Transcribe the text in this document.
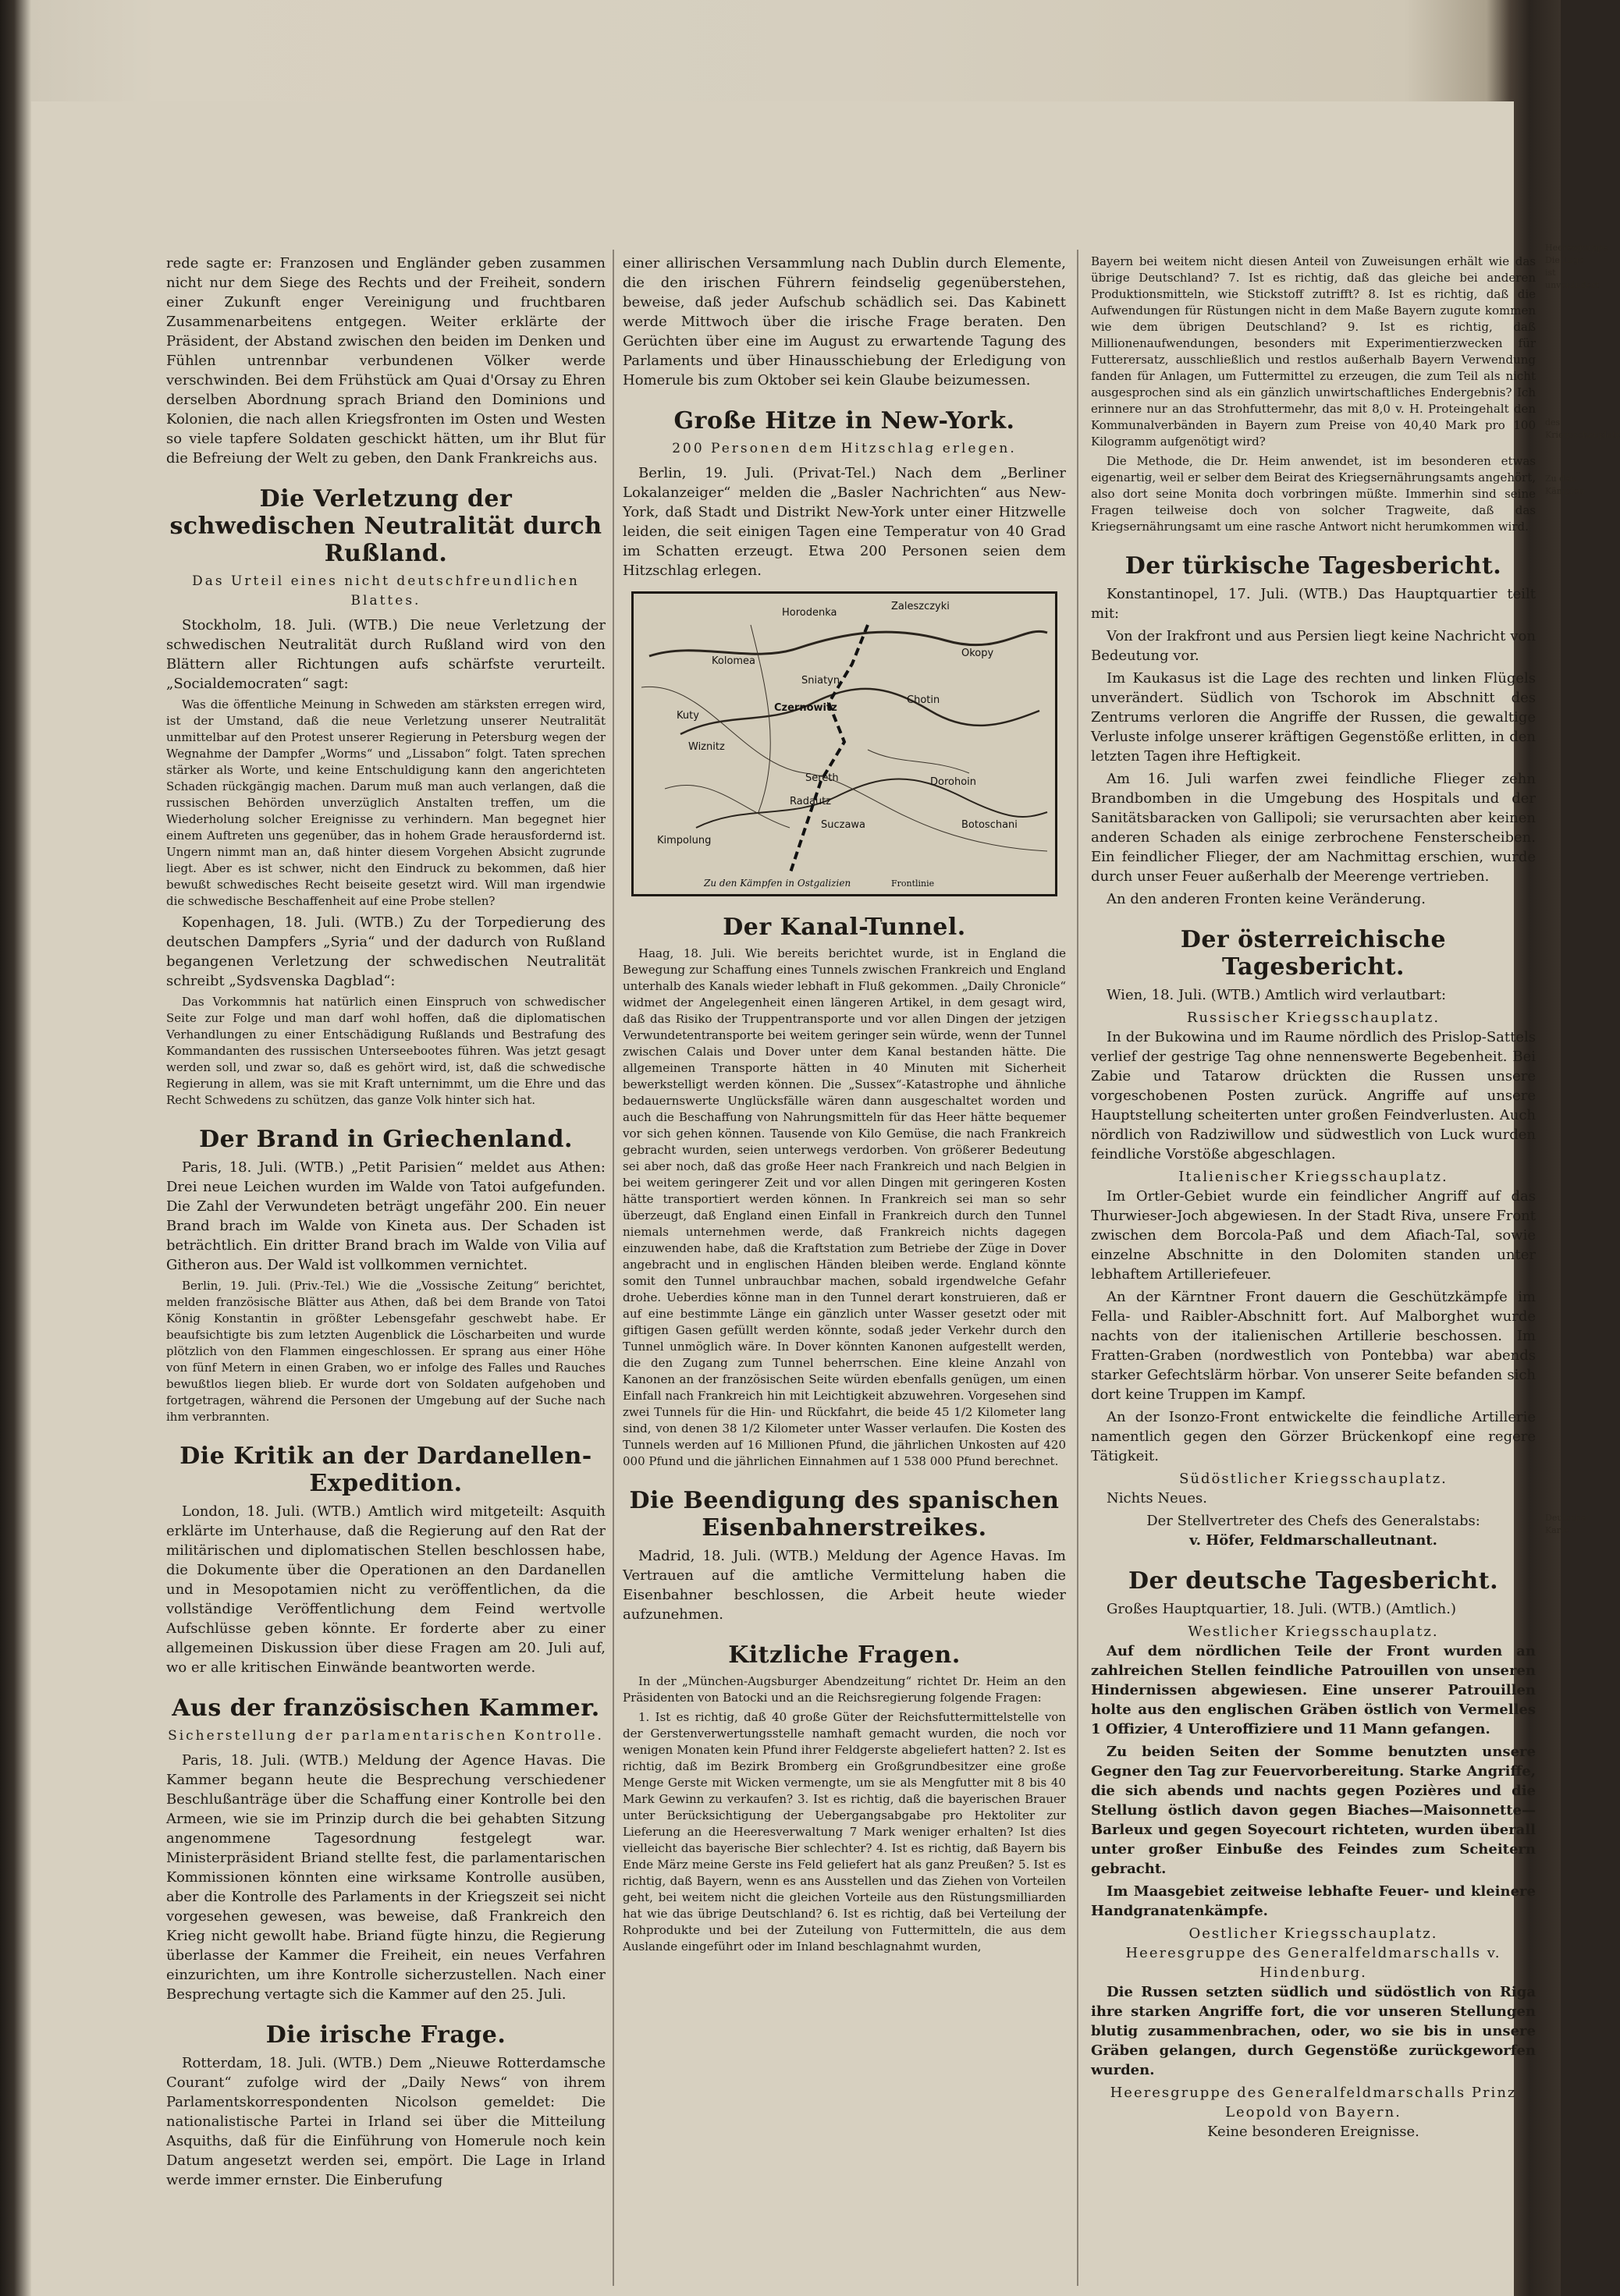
rede sagte er: Franzosen und Engländer geben zusammen nicht nur dem Siege des Rechts und der Freiheit, sondern einer Zukunft enger Vereinigung und fruchtbaren Zusammenarbeitens entgegen. Weiter erklärte der Präsident, der Abstand zwischen den beiden im Denken und Fühlen untrennbar verbundenen Völker werde verschwinden. Bei dem Frühstück am Quai d'Orsay zu Ehren derselben Abordnung sprach Briand den Dominions und Kolonien, die nach allen Kriegsfronten im Osten und Westen so viele tapfere Soldaten geschickt hätten, um ihr Blut für die Befreiung der Welt zu geben, den Dank Frankreichs aus.

Die Verletzung der schwedischen Neutralität durch Rußland.
Das Urteil eines nicht deutschfreundlichen Blattes.

Stockholm, 18. Juli. (WTB.) Die neue Verletzung der schwedischen Neutralität durch Rußland wird von den Blättern aller Richtungen aufs schärfste verurteilt. „Socialdemocraten“ sagt:

Was die öffentliche Meinung in Schweden am stärksten erregen wird, ist der Umstand, daß die neue Verletzung unserer Neutralität unmittelbar auf den Protest unserer Regierung in Petersburg wegen der Wegnahme der Dampfer „Worms“ und „Lissabon“ folgt. Taten sprechen stärker als Worte, und keine Entschuldigung kann den angerichteten Schaden rückgängig machen. Darum muß man auch verlangen, daß die russischen Behörden unverzüglich Anstalten treffen, um die Wiederholung solcher Ereignisse zu verhindern. Man begegnet hier einem Auftreten uns gegenüber, das in hohem Grade herausfordernd ist. Ungern nimmt man an, daß hinter diesem Vorgehen Absicht zugrunde liegt. Aber es ist schwer, nicht den Eindruck zu bekommen, daß hier bewußt schwedisches Recht beiseite gesetzt wird. Will man irgendwie die schwedische Beschaffenheit auf eine Probe stellen?

Kopenhagen, 18. Juli. (WTB.) Zu der Torpedierung des deutschen Dampfers „Syria“ und der dadurch von Rußland begangenen Verletzung der schwedischen Neutralität schreibt „Sydsvenska Dagblad“:

Das Vorkommnis hat natürlich einen Einspruch von schwedischer Seite zur Folge und man darf wohl hoffen, daß die diplomatischen Verhandlungen zu einer Entschädigung Rußlands und Bestrafung des Kommandanten des russischen Unterseebootes führen. Was jetzt gesagt werden soll, und zwar so, daß es gehört wird, ist, daß die schwedische Regierung in allem, was sie mit Kraft unternimmt, um die Ehre und das Recht Schwedens zu schützen, das ganze Volk hinter sich hat.

Der Brand in Griechenland.

Paris, 18. Juli. (WTB.) „Petit Parisien“ meldet aus Athen: Drei neue Leichen wurden im Walde von Tatoi aufgefunden. Die Zahl der Verwundeten beträgt ungefähr 200. Ein neuer Brand brach im Walde von Kineta aus. Der Schaden ist beträchtlich. Ein dritter Brand brach im Walde von Vilia auf Githeron aus. Der Wald ist vollkommen vernichtet.

Berlin, 19. Juli. (Priv.-Tel.) Wie die „Vossische Zeitung“ berichtet, melden französische Blätter aus Athen, daß bei dem Brande von Tatoi König Konstantin in größter Lebensgefahr geschwebt habe. Er beaufsichtigte bis zum letzten Augenblick die Löscharbeiten und wurde plötzlich von den Flammen eingeschlossen. Er sprang aus einer Höhe von fünf Metern in einen Graben, wo er infolge des Falles und Rauches bewußtlos liegen blieb. Er wurde dort von Soldaten aufgehoben und fortgetragen, während die Personen der Umgebung auf der Suche nach ihm verbrannten.

Die Kritik an der Dardanellen-Expedition.

London, 18. Juli. (WTB.) Amtlich wird mitgeteilt: Asquith erklärte im Unterhause, daß die Regierung auf den Rat der militärischen und diplomatischen Stellen beschlossen habe, die Dokumente über die Operationen an den Dardanellen und in Mesopotamien nicht zu veröffentlichen, da die vollständige Veröffentlichung dem Feind wertvolle Aufschlüsse geben könnte. Er forderte aber zu einer allgemeinen Diskussion über diese Fragen am 20. Juli auf, wo er alle kritischen Einwände beantworten werde.

Aus der französischen Kammer.
Sicherstellung der parlamentarischen Kontrolle.

Paris, 18. Juli. (WTB.) Meldung der Agence Havas. Die Kammer begann heute die Besprechung verschiedener Beschlußanträge über die Schaffung einer Kontrolle bei den Armeen, wie sie im Prinzip durch die bei gehabten Sitzung angenommene Tagesordnung festgelegt war. Ministerpräsident Briand stellte fest, die parlamentarischen Kommissionen könnten eine wirksame Kontrolle ausüben, aber die Kontrolle des Parlaments in der Kriegszeit sei nicht vorgesehen gewesen, was beweise, daß Frankreich den Krieg nicht gewollt habe. Briand fügte hinzu, die Regierung überlasse der Kammer die Freiheit, ein neues Verfahren einzurichten, um ihre Kontrolle sicherzustellen. Nach einer Besprechung vertagte sich die Kammer auf den 25. Juli.

Die irische Frage.

Rotterdam, 18. Juli. (WTB.) Dem „Nieuwe Rotterdamsche Courant“ zufolge wird der „Daily News“ von ihrem Parlamentskorrespondenten Nicolson gemeldet: Die nationalistische Partei in Irland sei über die Mitteilung Asquiths, daß für die Einführung von Homerule noch kein Datum angesetzt werden sei, empört. Die Lage in Irland werde immer ernster. Die Einberufung

einer allirischen Versammlung nach Dublin durch Elemente, die den irischen Führern feindselig gegenüberstehen, beweise, daß jeder Aufschub schädlich sei. Das Kabinett werde Mittwoch über die irische Frage beraten. Den Gerüchten über eine im August zu erwartende Tagung des Parlaments und über Hinausschiebung der Erledigung von Homerule bis zum Oktober sei kein Glaube beizumessen.

Große Hitze in New-York.
200 Personen dem Hitzschlag erlegen.

Berlin, 19. Juli. (Privat-Tel.) Nach dem „Berliner Lokalanzeiger“ melden die „Basler Nachrichten“ aus New-York, daß Stadt und Distrikt New-York unter einer Hitzwelle leiden, die seit einigen Tagen eine Temperatur von 40 Grad im Schatten erzeugt. Etwa 200 Personen seien dem Hitzschlag erlegen.

Horodenka
Kolomea
Sniatyn
Czernowitz
Kuty
Chotin
Sereth
Suczawa
Radautz
Dorohoin
Kimpolung
Wiznitz
Zaleszczyki
Okopy
Botoschani
Zu den Kämpfen in Ostgalizien	Frontlinie
Der Kanal-Tunnel.

Haag, 18. Juli. Wie bereits berichtet wurde, ist in England die Bewegung zur Schaffung eines Tunnels zwischen Frankreich und England unterhalb des Kanals wieder lebhaft in Fluß gekommen. „Daily Chronicle“ widmet der Angelegenheit einen längeren Artikel, in dem gesagt wird, daß das Risiko der Truppentransporte und vor allen Dingen der jetzigen Verwundetentransporte bei weitem geringer sein würde, wenn der Tunnel zwischen Calais und Dover unter dem Kanal bestanden hätte. Die allgemeinen Transporte hätten in 40 Minuten mit Sicherheit bewerkstelligt werden können. Die „Sussex“-Katastrophe und ähnliche bedauernswerte Unglücksfälle wären dann ausgeschaltet worden und auch die Beschaffung von Nahrungsmitteln für das Heer hätte bequemer vor sich gehen können. Tausende von Kilo Gemüse, die nach Frankreich gebracht wurden, seien unterwegs verdorben. Von größerer Bedeutung sei aber noch, daß das große Heer nach Frankreich und nach Belgien in bei weitem geringerer Zeit und vor allen Dingen mit geringeren Kosten hätte transportiert werden können. In Frankreich sei man so sehr überzeugt, daß England einen Einfall in Frankreich durch den Tunnel niemals unternehmen werde, daß Frankreich nichts dagegen einzuwenden habe, daß die Kraftstation zum Betriebe der Züge in Dover angebracht und in englischen Händen bleiben werde. England könnte somit den Tunnel unbrauchbar machen, sobald irgendwelche Gefahr drohe. Ueberdies könne man in den Tunnel derart konstruieren, daß er auf eine bestimmte Länge ein gänzlich unter Wasser gesetzt oder mit giftigen Gasen gefüllt werden könnte, sodaß jeder Verkehr durch den Tunnel unmöglich wäre. In Dover könnten Kanonen aufgestellt werden, die den Zugang zum Tunnel beherrschen. Eine kleine Anzahl von Kanonen an der französischen Seite würden ebenfalls genügen, um einen Einfall nach Frankreich hin mit Leichtigkeit abzuwehren. Vorgesehen sind zwei Tunnels für die Hin- und Rückfahrt, die beide 45 1/2 Kilometer lang sind, von denen 38 1/2 Kilometer unter Wasser verlaufen. Die Kosten des Tunnels werden auf 16 Millionen Pfund, die jährlichen Unkosten auf 420 000 Pfund und die jährlichen Einnahmen auf 1 538 000 Pfund berechnet.

Die Beendigung des spanischen Eisenbahnerstreikes.

Madrid, 18. Juli. (WTB.) Meldung der Agence Havas. Im Vertrauen auf die amtliche Vermittelung haben die Eisenbahner beschlossen, die Arbeit heute wieder aufzunehmen.

Kitzliche Fragen.

In der „München-Augsburger Abendzeitung“ richtet Dr. Heim an den Präsidenten von Batocki und an die Reichsregierung folgende Fragen:

1. Ist es richtig, daß 40 große Güter der Reichsfuttermittelstelle von der Gerstenverwertungsstelle namhaft gemacht wurden, die noch vor wenigen Monaten kein Pfund ihrer Feldgerste abgeliefert hatten? 2. Ist es richtig, daß im Bezirk Bromberg ein Großgrundbesitzer eine große Menge Gerste mit Wicken vermengte, um sie als Mengfutter mit 8 bis 40 Mark Gewinn zu verkaufen? 3. Ist es richtig, daß die bayerischen Brauer unter Berücksichtigung der Uebergangsabgabe pro Hektoliter zur Lieferung an die Heeresverwaltung 7 Mark weniger erhalten? Ist dies vielleicht das bayerische Bier schlechter? 4. Ist es richtig, daß Bayern bis Ende März meine Gerste ins Feld geliefert hat als ganz Preußen? 5. Ist es richtig, daß Bayern, wenn es ans Ausstellen und das Ziehen von Vorteilen geht, bei weitem nicht die gleichen Vorteile aus den Rüstungsmilliarden hat wie das übrige Deutschland? 6. Ist es richtig, daß bei Verteilung der Rohprodukte und bei der Zuteilung von Futtermitteln, die aus dem Auslande eingeführt oder im Inland beschlagnahmt wurden,

Bayern bei weitem nicht diesen Anteil von Zuweisungen erhält wie das übrige Deutschland? 7. Ist es richtig, daß das gleiche bei anderen Produktionsmitteln, wie Stickstoff zutrifft? 8. Ist es richtig, daß die Aufwendungen für Rüstungen nicht in dem Maße Bayern zugute kommen wie dem übrigen Deutschland? 9. Ist es richtig, daß Millionenaufwendungen, besonders mit Experimentierzwecken für Futterersatz, ausschließlich und restlos außerhalb Bayern Verwendung fanden für Anlagen, um Futtermittel zu erzeugen, die zum Teil als nicht ausgesprochen sind als ein gänzlich unwirtschaftliches Endergebnis? Ich erinnere nur an das Strohfuttermehr, das mit 8,0 v. H. Proteingehalt den Kommunalverbänden in Bayern zum Preise von 40,40 Mark pro 100 Kilogramm aufgenötigt wird?

Die Methode, die Dr. Heim anwendet, ist im besonderen etwas eigenartig, weil er selber dem Beirat des Kriegsernährungsamts angehört, also dort seine Monita doch vorbringen müßte. Immerhin sind seine Fragen teilweise doch von solcher Tragweite, daß das Kriegsernährungsamt um eine rasche Antwort nicht herumkommen wird.

Der türkische Tagesbericht.

Konstantinopel, 17. Juli. (WTB.) Das Hauptquartier teilt mit:

Von der Irakfront und aus Persien liegt keine Nachricht von Bedeutung vor.

Im Kaukasus ist die Lage des rechten und linken Flügels unverändert. Südlich von Tschorok im Abschnitt des Zentrums verloren die Angriffe der Russen, die gewaltige Verluste infolge unserer kräftigen Gegenstöße erlitten, in den letzten Tagen ihre Heftigkeit.

Am 16. Juli warfen zwei feindliche Flieger zehn Brandbomben in die Umgebung des Hospitals und der Sanitätsbaracken von Gallipoli; sie verursachten aber keinen anderen Schaden als einige zerbrochene Fensterscheiben. Ein feindlicher Flieger, der am Nachmittag erschien, wurde durch unser Feuer außerhalb der Meerenge vertrieben.

An den anderen Fronten keine Veränderung.

Der österreichische Tagesbericht.

Wien, 18. Juli. (WTB.) Amtlich wird verlautbart:

Russischer Kriegsschauplatz.

In der Bukowina und im Raume nördlich des Prislop-Sattels verlief der gestrige Tag ohne nennenswerte Begebenheit. Bei Zabie und Tatarow drückten die Russen unsere vorgeschobenen Posten zurück. Angriffe auf unsere Hauptstellung scheiterten unter großen Feindverlusten. Auch nördlich von Radziwillow und südwestlich von Luck wurden feindliche Vorstöße abgeschlagen.

Italienischer Kriegsschauplatz.

Im Ortler-Gebiet wurde ein feindlicher Angriff auf das Thurwieser-Joch abgewiesen. In der Stadt Riva, unsere Front zwischen dem Borcola-Paß und dem Afiach-Tal, sowie einzelne Abschnitte in den Dolomiten standen unter lebhaftem Artilleriefeuer.

An der Kärntner Front dauern die Geschützkämpfe im Fella- und Raibler-Abschnitt fort. Auf Malborghet wurde nachts von der italienischen Artillerie beschossen. Im Fratten-Graben (nordwestlich von Pontebba) war abends starker Gefechtslärm hörbar. Von unserer Seite befanden sich dort keine Truppen im Kampf.

An der Isonzo-Front entwickelte die feindliche Artillerie namentlich gegen den Görzer Brückenkopf eine regere Tätigkeit.

Südöstlicher Kriegsschauplatz.

Nichts Neues.

Der Stellvertreter des Chefs des Generalstabs:
v. Höfer, Feldmarschalleutnant.
Der deutsche Tagesbericht.

Großes Hauptquartier, 18. Juli. (WTB.) (Amtlich.)

Westlicher Kriegsschauplatz.

Auf dem nördlichen Teile der Front wurden an zahlreichen Stellen feindliche Patrouillen von unseren Hindernissen abgewiesen. Eine unserer Patrouillen holte aus den englischen Gräben östlich von Vermelles 1 Offizier, 4 Unteroffiziere und 11 Mann gefangen.

Zu beiden Seiten der Somme benutzten unsere Gegner den Tag zur Feuervorbereitung. Starke Angriffe, die sich abends und nachts gegen Pozières und die Stellung östlich davon gegen Biaches—Maisonnette—Barleux und gegen Soyecourt richteten, wurden überall unter großer Einbuße des Feindes zum Scheitern gebracht.

Im Maasgebiet zeitweise lebhafte Feuer- und kleinere Handgranatenkämpfe.

Oestlicher Kriegsschauplatz.
Heeresgruppe des Generalfeldmarschalls v. Hindenburg.

Die Russen setzten südlich und südöstlich von Riga ihre starken Angriffe fort, die vor unseren Stellungen blutig zusammenbrachen, oder, wo sie bis in unsere Gräben gelangen, durch Gegenstöße zurückgeworfen wurden.

Heeresgruppe des Generalfeldmarschalls Prinz Leopold von Bayern.
Keine besonderen Ereignisse.
Heeresgruppe
Die Lage ist unverändert
des Kriegsschauplatz
Zu den Kämpfen
Deutsche Karte
